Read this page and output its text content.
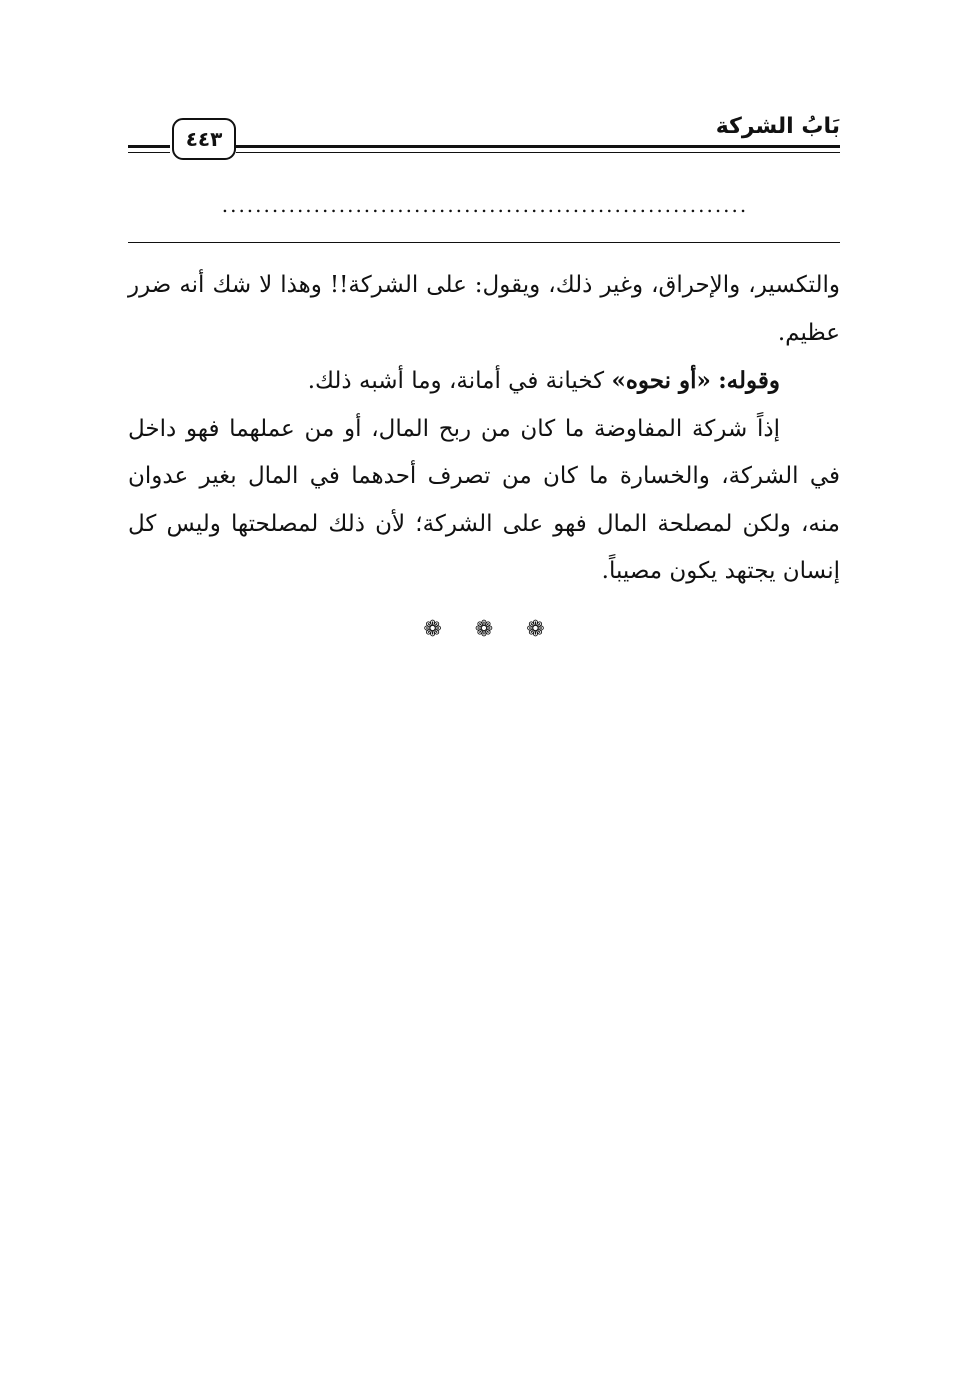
٤٤٣	بَابُ الشركة
...............................................................

والتكسير، والإحراق، وغير ذلك، ويقول: على الشركة!! وهذا لا شك أنه ضرر عظيم.

وقوله: «أو نحوه» كخيانة في أمانة، وما أشبه ذلك.

إذاً شركة المفاوضة ما كان من ربح المال، أو من عملهما فهو داخل في الشركة، والخسارة ما كان من تصرف أحدهما في المال بغير عدوان منه، ولكن لمصلحة المال فهو على الشركة؛ لأن ذلك لمصلحتها وليس كل إنسان يجتهد يكون مصيباً.

❁ ❁ ❁
